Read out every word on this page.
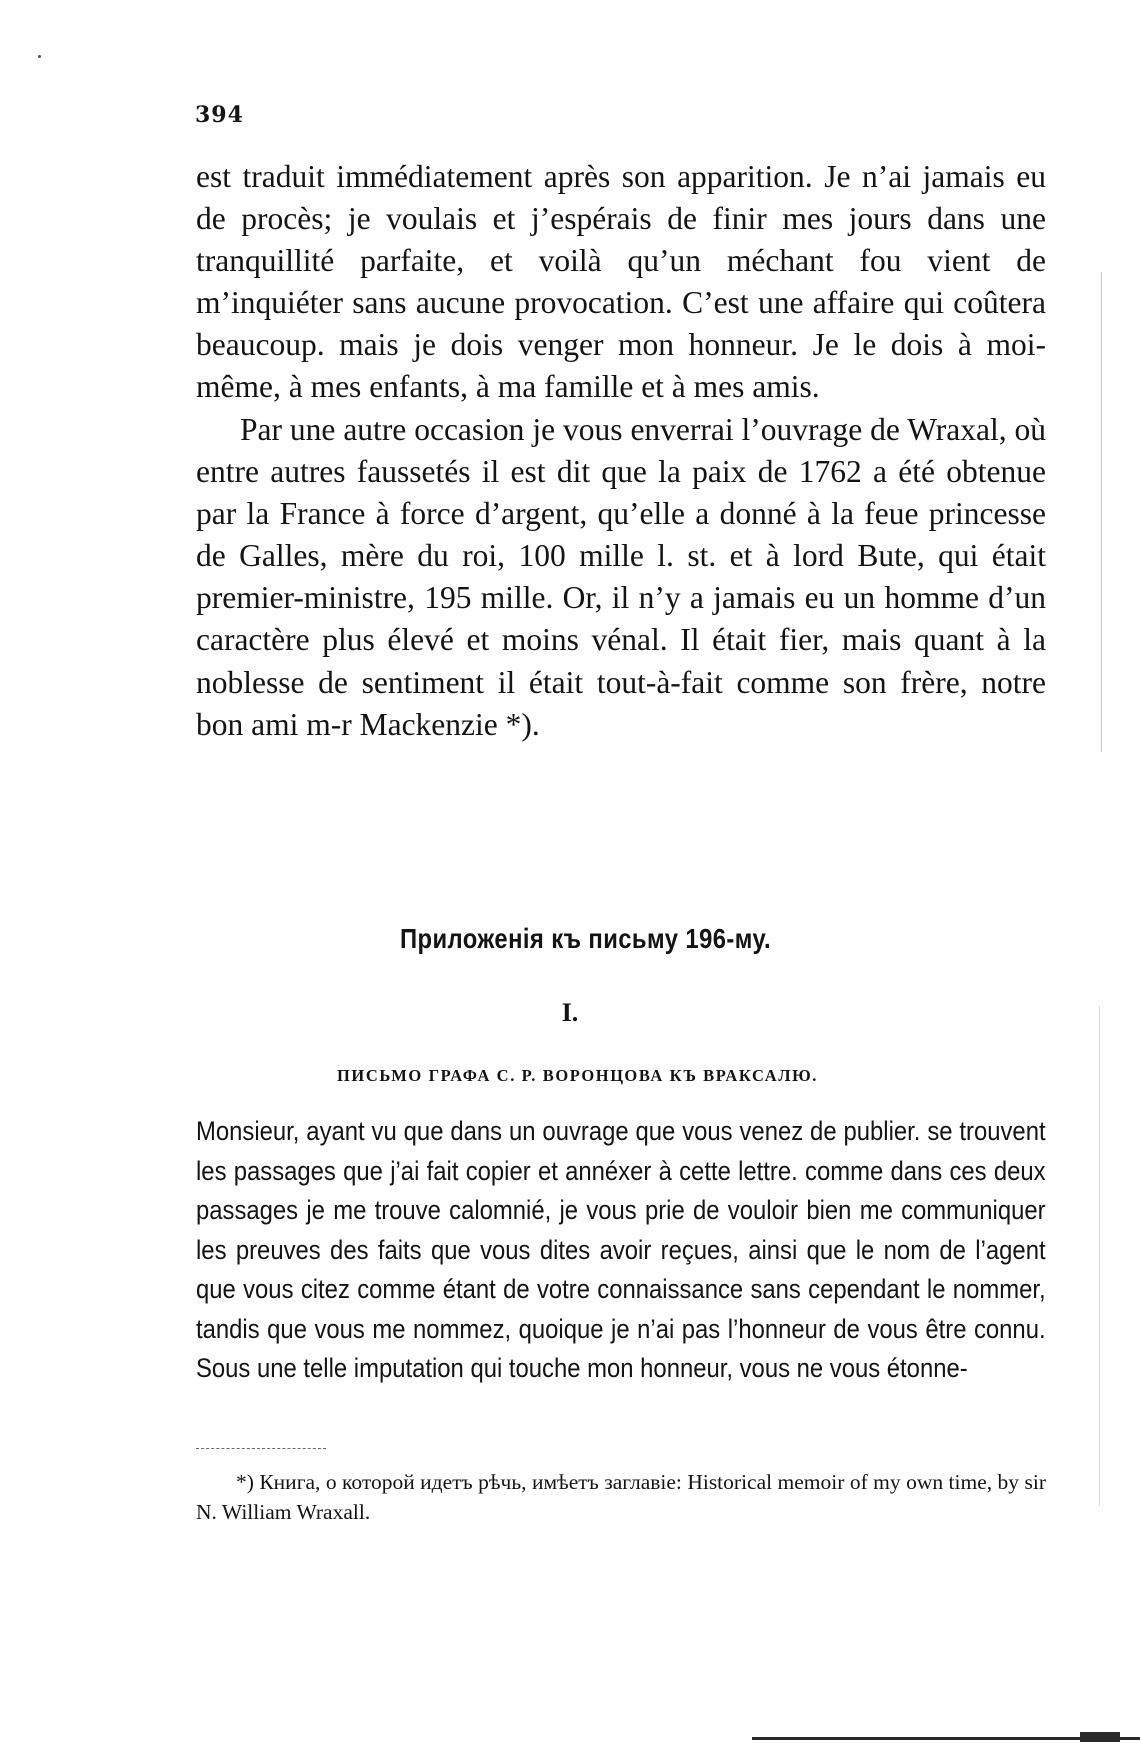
394

est traduit immédiatement après son apparition. Je n’ai jamais eu de procès; je voulais et j’espérais de finir mes jours dans une tranquillité parfaite, et voilà qu’un méchant fou vient de m’inquiéter sans aucune provocation. C’est une affaire qui coûtera beaucoup. mais je dois venger mon honneur. Je le dois à moi-même, à mes enfants, à ma famille et à mes amis.

Par une autre occasion je vous enverrai l’ouvrage de Wraxal, où entre autres faussetés il est dit que la paix de 1762 a été obtenue par la France à force d’argent, qu’elle a donné à la feue princesse de Galles, mère du roi, 100 mille l. st. et à lord Bute, qui était premier-ministre, 195 mille. Or, il n’y a jamais eu un homme d’un caractère plus élevé et moins vénal. Il était fier, mais quant à la noblesse de sentiment il était tout-à-fait comme son frère, notre bon ami m-r Mackenzie *).

Приложенія къ письму 196-му.
I.
ПИСЬМО ГРАФА С. Р. ВОРОНЦОВА КЪ ВРАКСАЛЮ.

Monsieur, ayant vu que dans un ouvrage que vous venez de publier. se trouvent les passages que j’ai fait copier et annéxer à cette lettre. comme dans ces deux passages je me trouve calomnié, je vous prie de vouloir bien me communiquer les preuves des faits que vous dites avoir reçues, ainsi que le nom de l’agent que vous citez comme étant de votre connaissance sans cependant le nommer, tandis que vous me nommez, quoique je n’ai pas l’honneur de vous être connu. Sous une telle imputation qui touche mon honneur, vous ne vous étonne-

*) Книга, о которой идетъ рѣчь, имѣетъ заглавіе: Historical memoir of my own time, by sir N. William Wraxall.
